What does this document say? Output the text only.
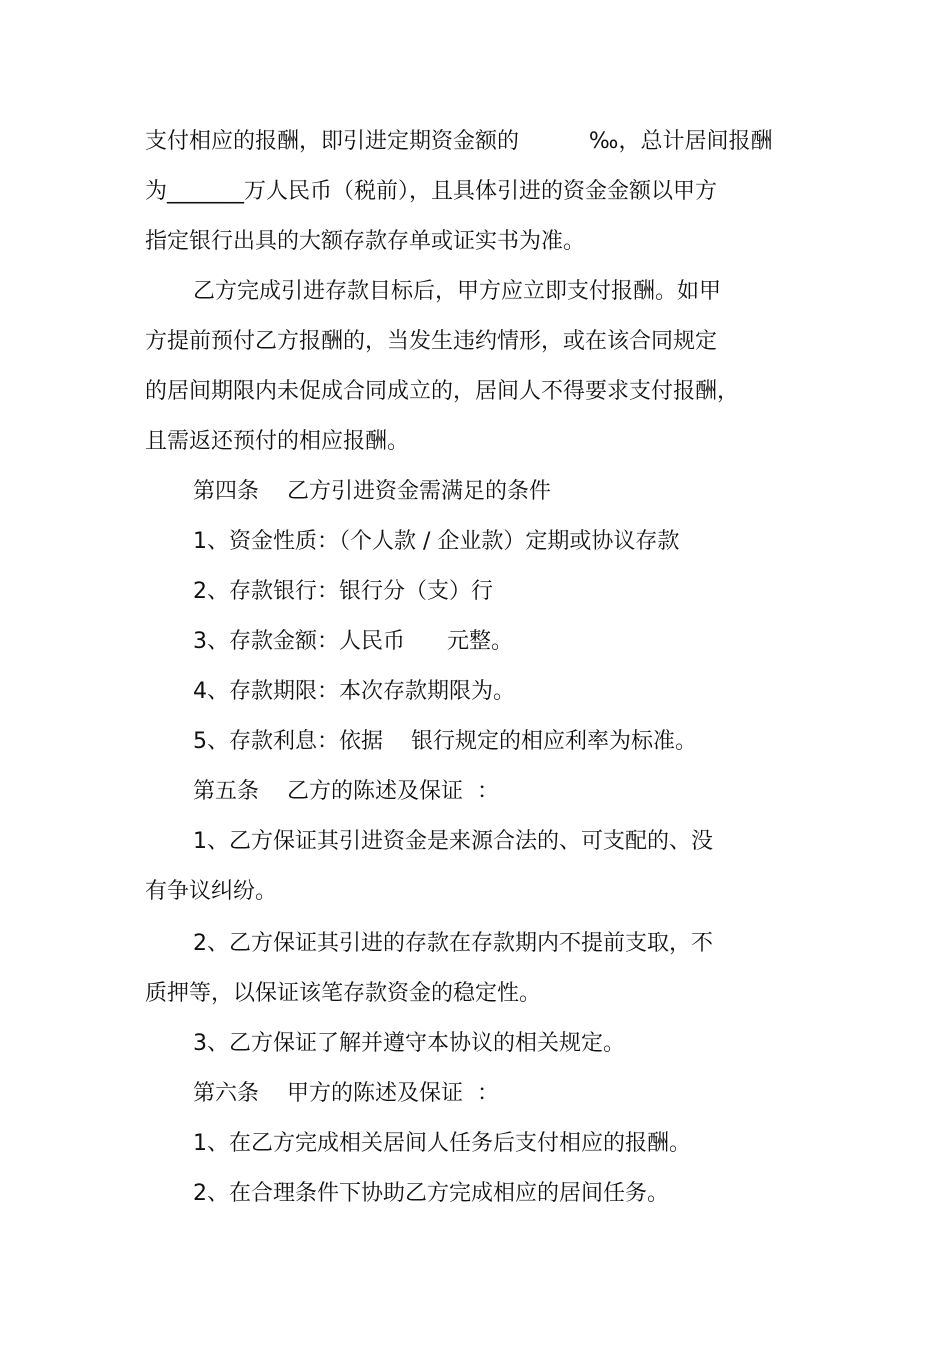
支付相应的报酬，即引进定期资金额的          ‰，总计居间报酬
为_______万人民币（税前），且具体引进的资金金额以甲方
指定银行出具的大额存款存单或证实书为准。
乙方完成引进存款目标后，甲方应立即支付报酬。如甲
方提前预付乙方报酬的，当发生违约情形，或在该合同规定
的居间期限内未促成合同成立的，居间人不得要求支付报酬，
且需返还预付的相应报酬。
第四条    乙方引进资金需满足的条件
1、资金性质：（个人款 / 企业款）定期或协议存款
2、存款银行：银行分（支）行
3、存款金额：人民币      元整。
4、存款期限：本次存款期限为。
5、存款利息：依据    银行规定的相应利率为标准。
第五条    乙方的陈述及保证  ：
1、乙方保证其引进资金是来源合法的、可支配的、没
有争议纠纷。
2、乙方保证其引进的存款在存款期内不提前支取，不
质押等，以保证该笔存款资金的稳定性。
3、乙方保证了解并遵守本协议的相关规定。
第六条    甲方的陈述及保证  ：
1、在乙方完成相关居间人任务后支付相应的报酬。
2、在合理条件下协助乙方完成相应的居间任务。
